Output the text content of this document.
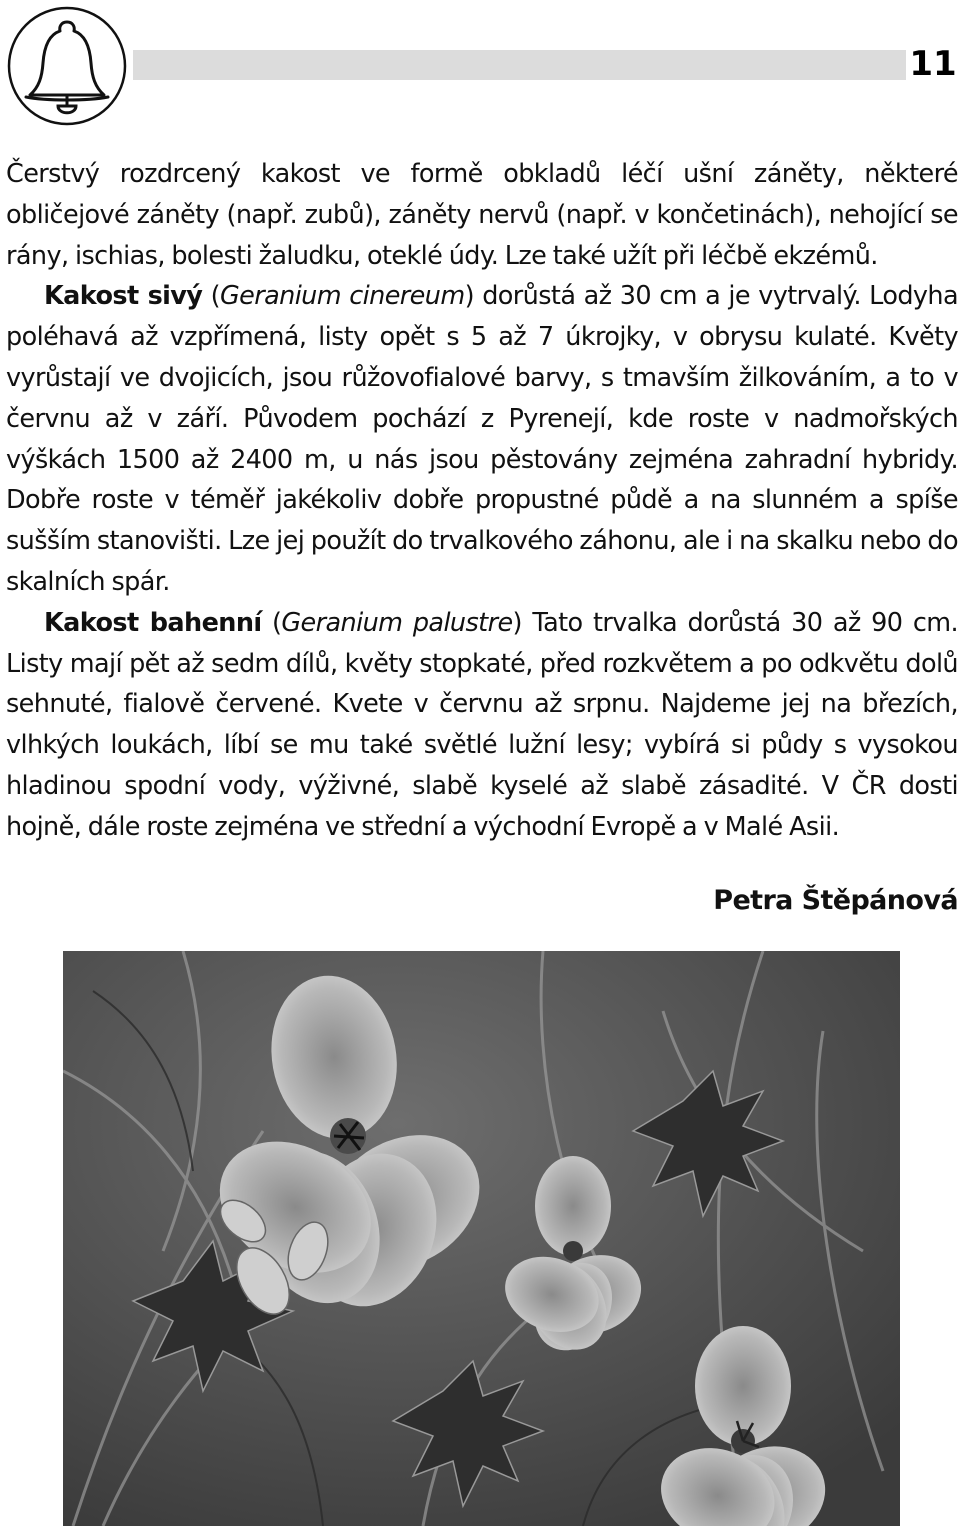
11

Čerstvý rozdrcený kakost ve formě obkladů léčí ušní záněty, některé obličejové záněty (např. zubů), záněty nervů (např. v končetinách), nehojící se rány, ischias, bolesti žaludku, oteklé údy. Lze také užít při léčbě ekzémů.

Kakost sivý (Geranium cinereum) dorůstá až 30 cm a je vytrvalý. Lodyha poléhavá až vzpřímená, listy opět s 5 až 7 úkrojky, v obrysu kulaté. Květy vyrůstají ve dvojicích, jsou růžovofialové barvy, s tmavším žilkováním, a to v červnu až v září. Původem pochází z Pyrenejí, kde roste v nadmořských výškách 1500 až 2400 m, u nás jsou pěstovány zejména zahradní hybridy. Dobře roste v téměř jakékoliv dobře propustné půdě a na slunném a spíše sušším stanovišti. Lze jej použít do trvalkového záhonu, ale i na skalku nebo do skalních spár.

Kakost bahenní (Geranium palustre) Tato trvalka dorůstá 30 až 90 cm. Listy mají pět až sedm dílů, květy stopkaté, před rozkvětem a po odkvětu dolů sehnuté, fialově červené. Kvete v červnu až srpnu. Najdeme jej na březích, vlhkých loukách, líbí se mu také světlé lužní lesy; vybírá si půdy s vysokou hladinou spodní vody, výživné, slabě kyselé až slabě zásadité. V ČR dosti hojně, dále roste zejména ve střední a východní Evropě a v Malé Asii.

Petra Štěpánová
